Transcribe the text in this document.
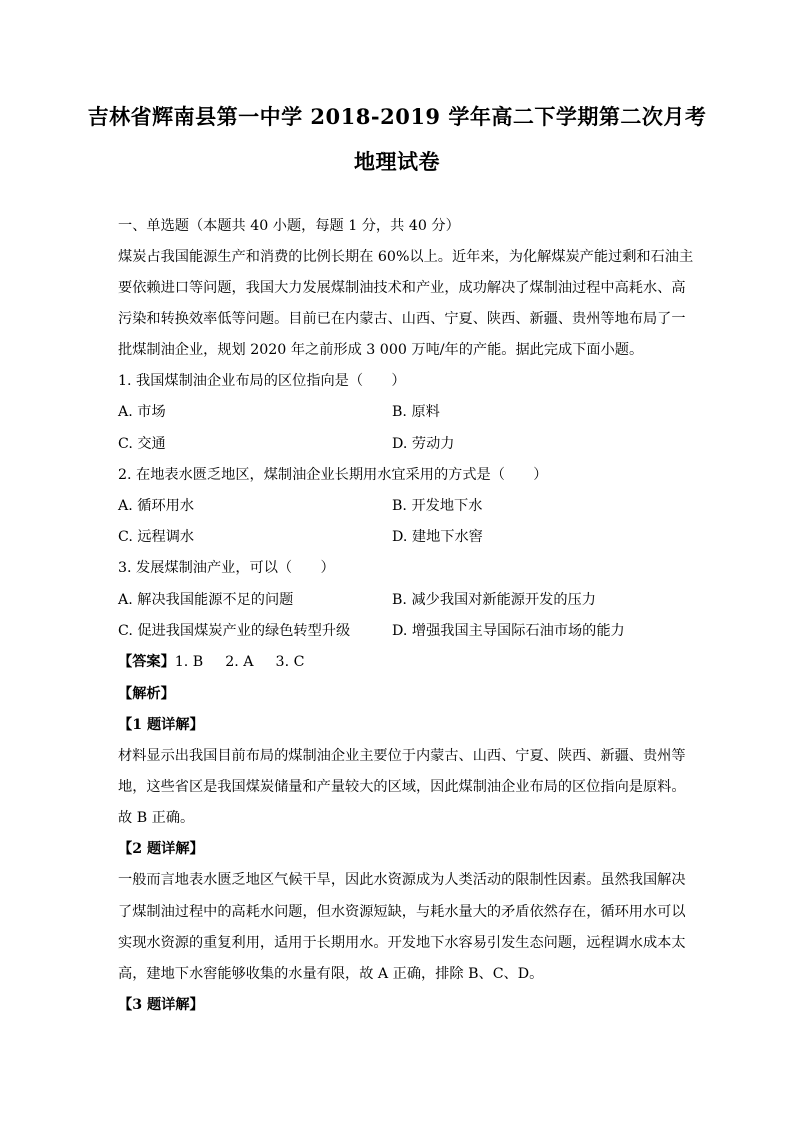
吉林省辉南县第一中学 2018-2019 学年高二下学期第二次月考
地理试卷
一、单选题（本题共 40 小题，每题 1 分，共 40 分）
煤炭占我国能源生产和消费的比例长期在 60%以上。近年来，为化解煤炭产能过剩和石油主
要依赖进口等问题，我国大力发展煤制油技术和产业，成功解决了煤制油过程中高耗水、高
污染和转换效率低等问题。目前已在内蒙古、山西、宁夏、陕西、新疆、贵州等地布局了一
批煤制油企业，规划 2020 年之前形成 3 000 万吨/年的产能。据此完成下面小题。
1. 我国煤制油企业布局的区位指向是（　　）
A. 市场	B. 原料
C. 交通	D. 劳动力
2. 在地表水匮乏地区，煤制油企业长期用水宜采用的方式是（　　）
A. 循环用水	B. 开发地下水
C. 远程调水	D. 建地下水窖
3. 发展煤制油产业，可以（　　）
A. 解决我国能源不足的问题	B. 减少我国对新能源开发的压力
C. 促进我国煤炭产业的绿色转型升级	D. 增强我国主导国际石油市场的能力
【答案】1. B 2. A 3. C
【解析】
【1 题详解】
材料显示出我国目前布局的煤制油企业主要位于内蒙古、山西、宁夏、陕西、新疆、贵州等
地，这些省区是我国煤炭储量和产量较大的区域，因此煤制油企业布局的区位指向是原料。
故 B 正确。
【2 题详解】
一般而言地表水匮乏地区气候干旱，因此水资源成为人类活动的限制性因素。虽然我国解决
了煤制油过程中的高耗水问题，但水资源短缺，与耗水量大的矛盾依然存在，循环用水可以
实现水资源的重复利用，适用于长期用水。开发地下水容易引发生态问题，远程调水成本太
高，建地下水窖能够收集的水量有限，故 A 正确，排除 B、C、D。
【3 题详解】
